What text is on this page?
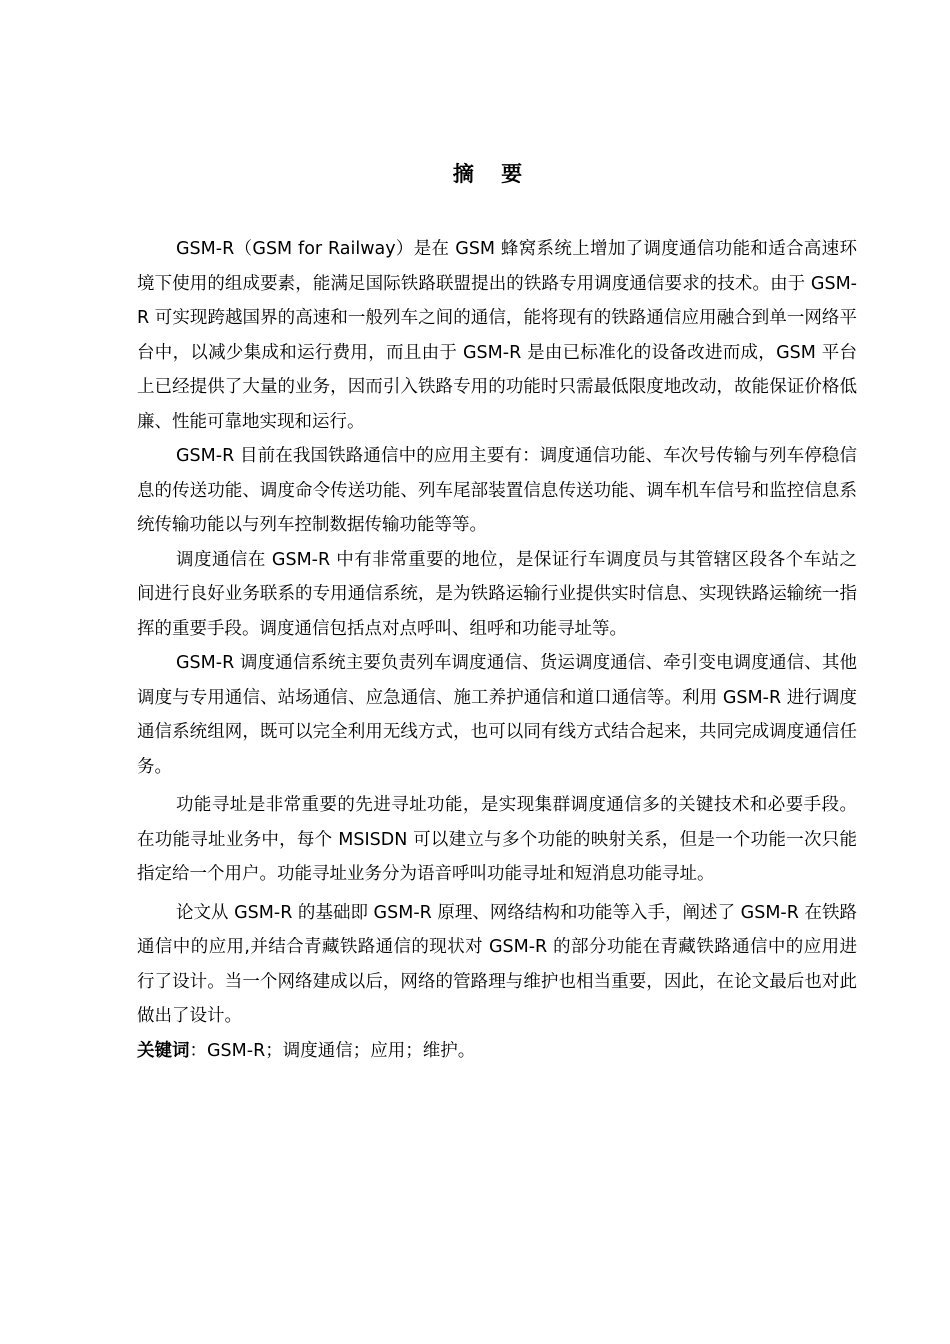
摘 要

GSM-R（GSM for Railway）是在 GSM 蜂窝系统上增加了调度通信功能和适合高速环境下使用的组成要素，能满足国际铁路联盟提出的铁路专用调度通信要求的技术。由于 GSM-R 可实现跨越国界的高速和一般列车之间的通信，能将现有的铁路通信应用融合到单一网络平台中，以减少集成和运行费用，而且由于 GSM-R 是由已标准化的设备改进而成，GSM 平台上已经提供了大量的业务，因而引入铁路专用的功能时只需最低限度地改动，故能保证价格低廉、性能可靠地实现和运行。

GSM-R 目前在我国铁路通信中的应用主要有：调度通信功能、车次号传输与列车停稳信息的传送功能、调度命令传送功能、列车尾部装置信息传送功能、调车机车信号和监控信息系统传输功能以与列车控制数据传输功能等等。

调度通信在 GSM-R 中有非常重要的地位，是保证行车调度员与其管辖区段各个车站之间进行良好业务联系的专用通信系统，是为铁路运输行业提供实时信息、实现铁路运输统一指挥的重要手段。调度通信包括点对点呼叫、组呼和功能寻址等。

GSM-R 调度通信系统主要负责列车调度通信、货运调度通信、牵引变电调度通信、其他调度与专用通信、站场通信、应急通信、施工养护通信和道口通信等。利用 GSM-R 进行调度通信系统组网，既可以完全利用无线方式，也可以同有线方式结合起来，共同完成调度通信任务。

功能寻址是非常重要的先进寻址功能，是实现集群调度通信多的关键技术和必要手段。在功能寻址业务中，每个 MSISDN 可以建立与多个功能的映射关系，但是一个功能一次只能指定给一个用户。功能寻址业务分为语音呼叫功能寻址和短消息功能寻址。

论文从 GSM-R 的基础即 GSM-R 原理、网络结构和功能等入手，阐述了 GSM-R 在铁路通信中的应用,并结合青藏铁路通信的现状对 GSM-R 的部分功能在青藏铁路通信中的应用进行了设计。当一个网络建成以后，网络的管路理与维护也相当重要，因此，在论文最后也对此做出了设计。

关键词：GSM-R；调度通信；应用；维护。
